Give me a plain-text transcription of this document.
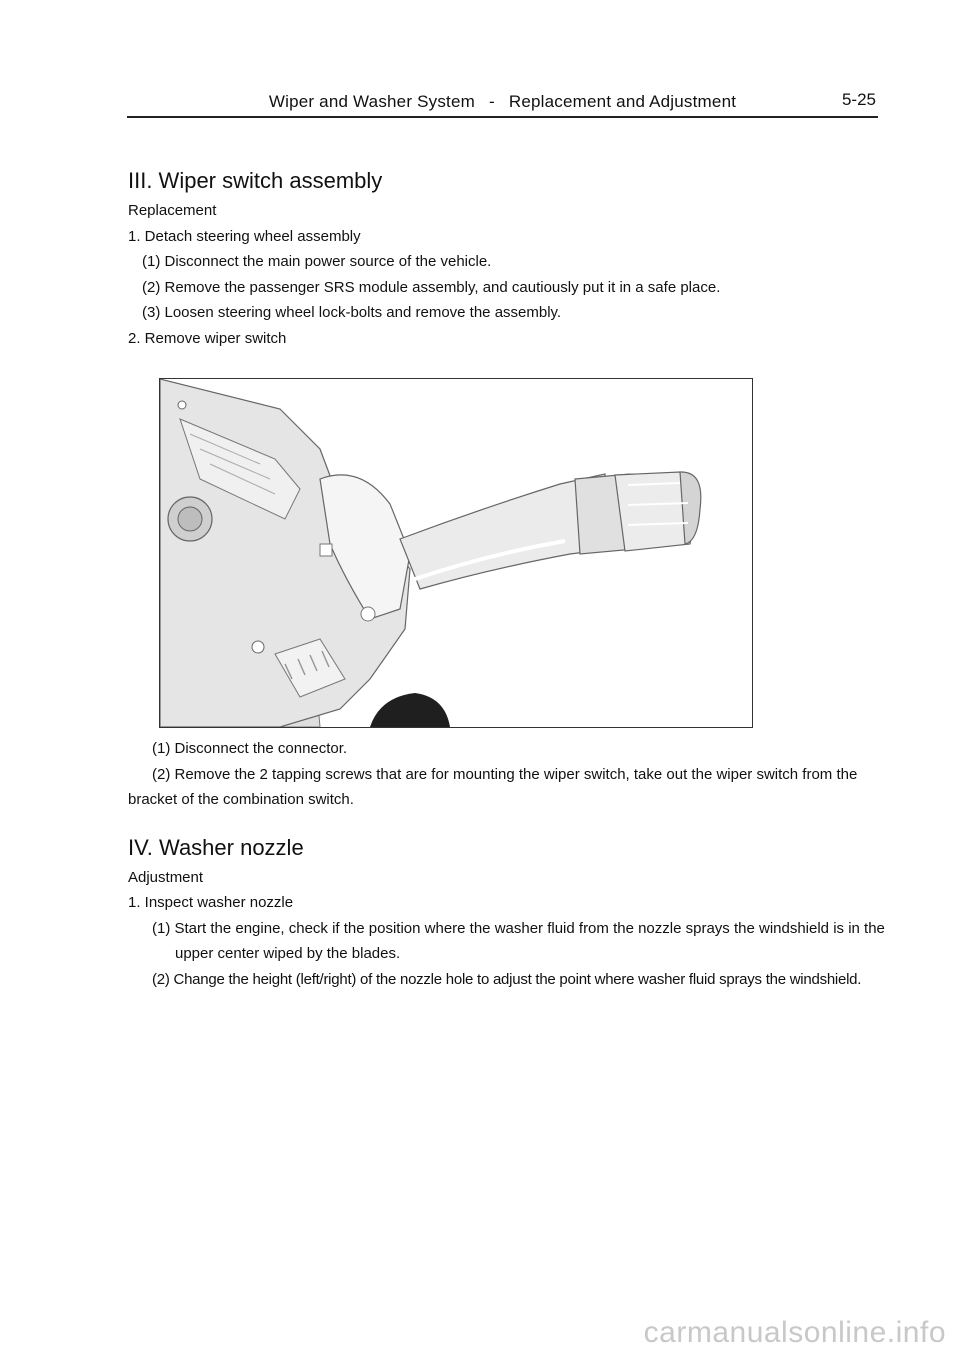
Wiper and Washer System - Replacement and Adjustment	5-25
III. Wiper switch assembly

Replacement

1. Detach steering wheel assembly

(1) Disconnect the main power source of the vehicle.

(2) Remove the passenger SRS module assembly, and cautiously put it in a safe place.

(3) Loosen steering wheel lock-bolts and remove the assembly.

2. Remove wiper switch

(1) Disconnect the connector.

(2) Remove the 2 tapping screws that are for mounting the wiper switch, take out the wiper switch from the bracket of the combination switch.

IV. Washer nozzle

Adjustment

1. Inspect washer nozzle

(1) Start the engine, check if the position where the washer fluid from the nozzle sprays the windshield is in the upper center wiped by the blades.

(2) Change the height (left/right) of the nozzle hole to adjust the point where washer fluid sprays the windshield.

carmanualsonline.info
